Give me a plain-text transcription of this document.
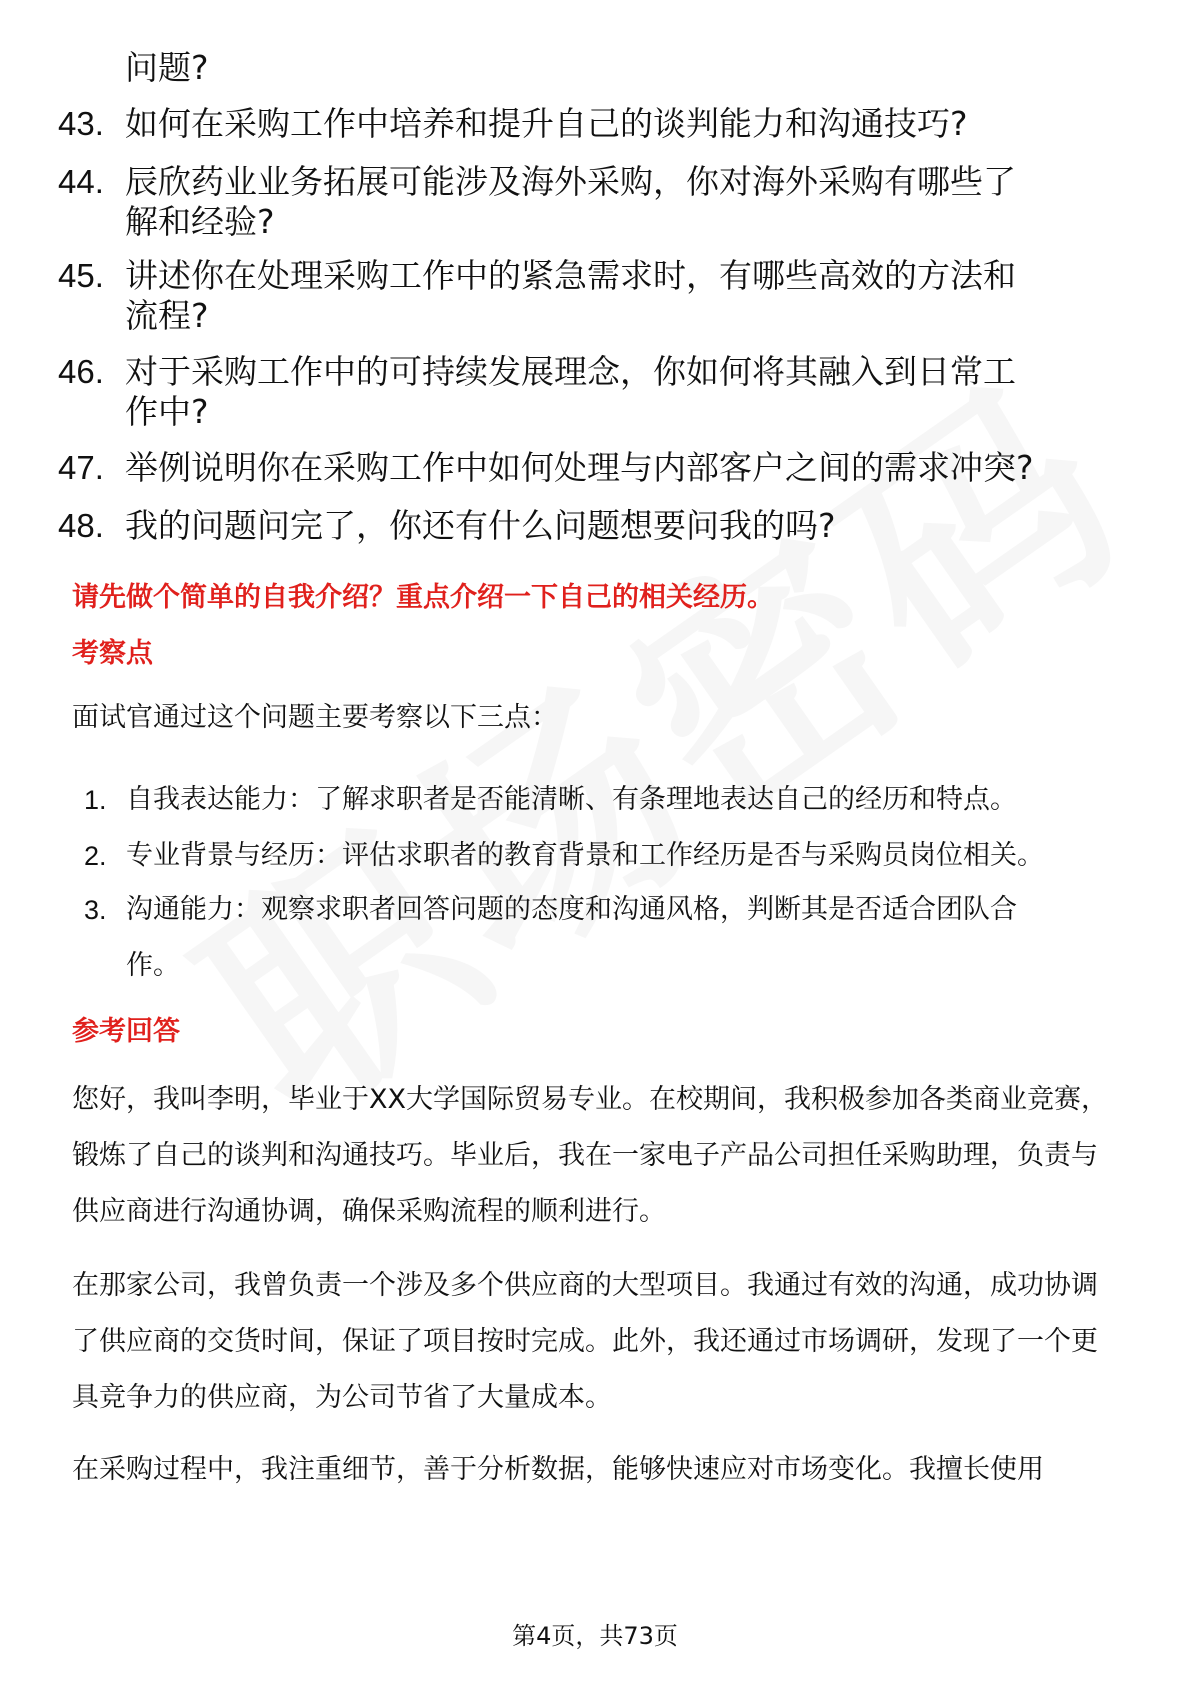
问题?
43. 如何在采购工作中培养和提升自己的谈判能力和沟通技巧?
44. 辰欣药业业务拓展可能涉及海外采购，你对海外采购有哪些了解和经验?
45. 讲述你在处理采购工作中的紧急需求时，有哪些高效的方法和流程?
46. 对于采购工作中的可持续发展理念，你如何将其融入到日常工作中?
47. 举例说明你在采购工作中如何处理与内部客户之间的需求冲突?
48. 我的问题问完了，你还有什么问题想要问我的吗?
请先做个简单的自我介绍？重点介绍一下自己的相关经历。
考察点
面试官通过这个问题主要考察以下三点：
1. 自我表达能力：了解求职者是否能清晰、有条理地表达自己的经历和特点。
2. 专业背景与经历：评估求职者的教育背景和工作经历是否与采购员岗位相关。
3. 沟通能力：观察求职者回答问题的态度和沟通风格，判断其是否适合团队合作。
参考回答
您好，我叫李明，毕业于XX大学国际贸易专业。在校期间，我积极参加各类商业竞赛，锻炼了自己的谈判和沟通技巧。毕业后，我在一家电子产品公司担任采购助理，负责与供应商进行沟通协调，确保采购流程的顺利进行。
在那家公司，我曾负责一个涉及多个供应商的大型项目。我通过有效的沟通，成功协调了供应商的交货时间，保证了项目按时完成。此外，我还通过市场调研，发现了一个更具竞争力的供应商，为公司节省了大量成本。
在采购过程中，我注重细节，善于分析数据，能够快速应对市场变化。我擅长使用
第4页，共73页
